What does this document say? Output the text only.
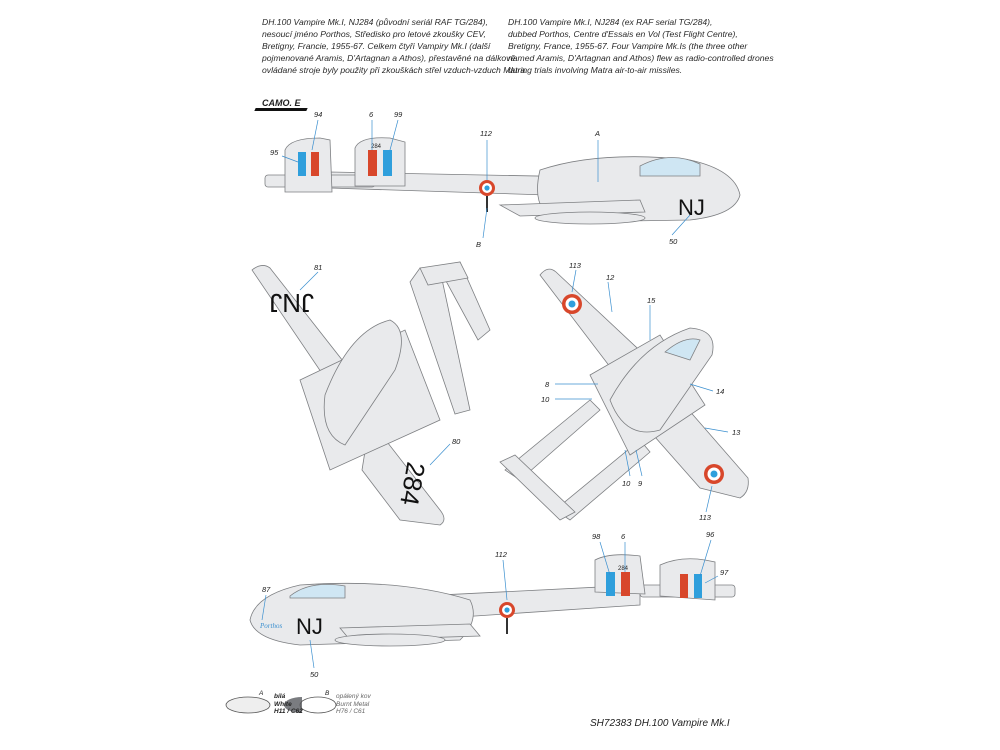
DH.100 Vampire Mk.I, NJ284 (původní seriál RAF TG/284),
nesoucí jméno Porthos, Středisko pro letové zkoušky CEV,
Bretigny, Francie, 1955-67. Celkem čtyři Vampiry Mk.I (další
pojmenované Aramis, D'Artagnan a Athos), přestavěné na dálkově
ovládané stroje byly použity při zkouškách střel vzduch-vzduch Matra.
DH.100 Vampire Mk.I, NJ284 (ex RAF serial TG/284),
dubbed Porthos, Centre d'Essais en Vol (Test Flight Centre),
Bretigny, France, 1955-67. Four Vampire Mk.Is (the three other
named Aramis, D'Artagnan and Athos) flew as radio-controlled drones
during trials involving Matra air-to-air missiles.
CAMO. E
284
NJ
94
95
6	99
112	A
B	50
JNJ
284
81
80
113
12
15
8
10
14
13
10 9
113
284
NJ
Porthos
112
98	6	96
97
87
50
A bílá
White
H11 / C62
B opálený kov
Burnt Metal
H76 / C61
SH72383 DH.100 Vampire Mk.I
